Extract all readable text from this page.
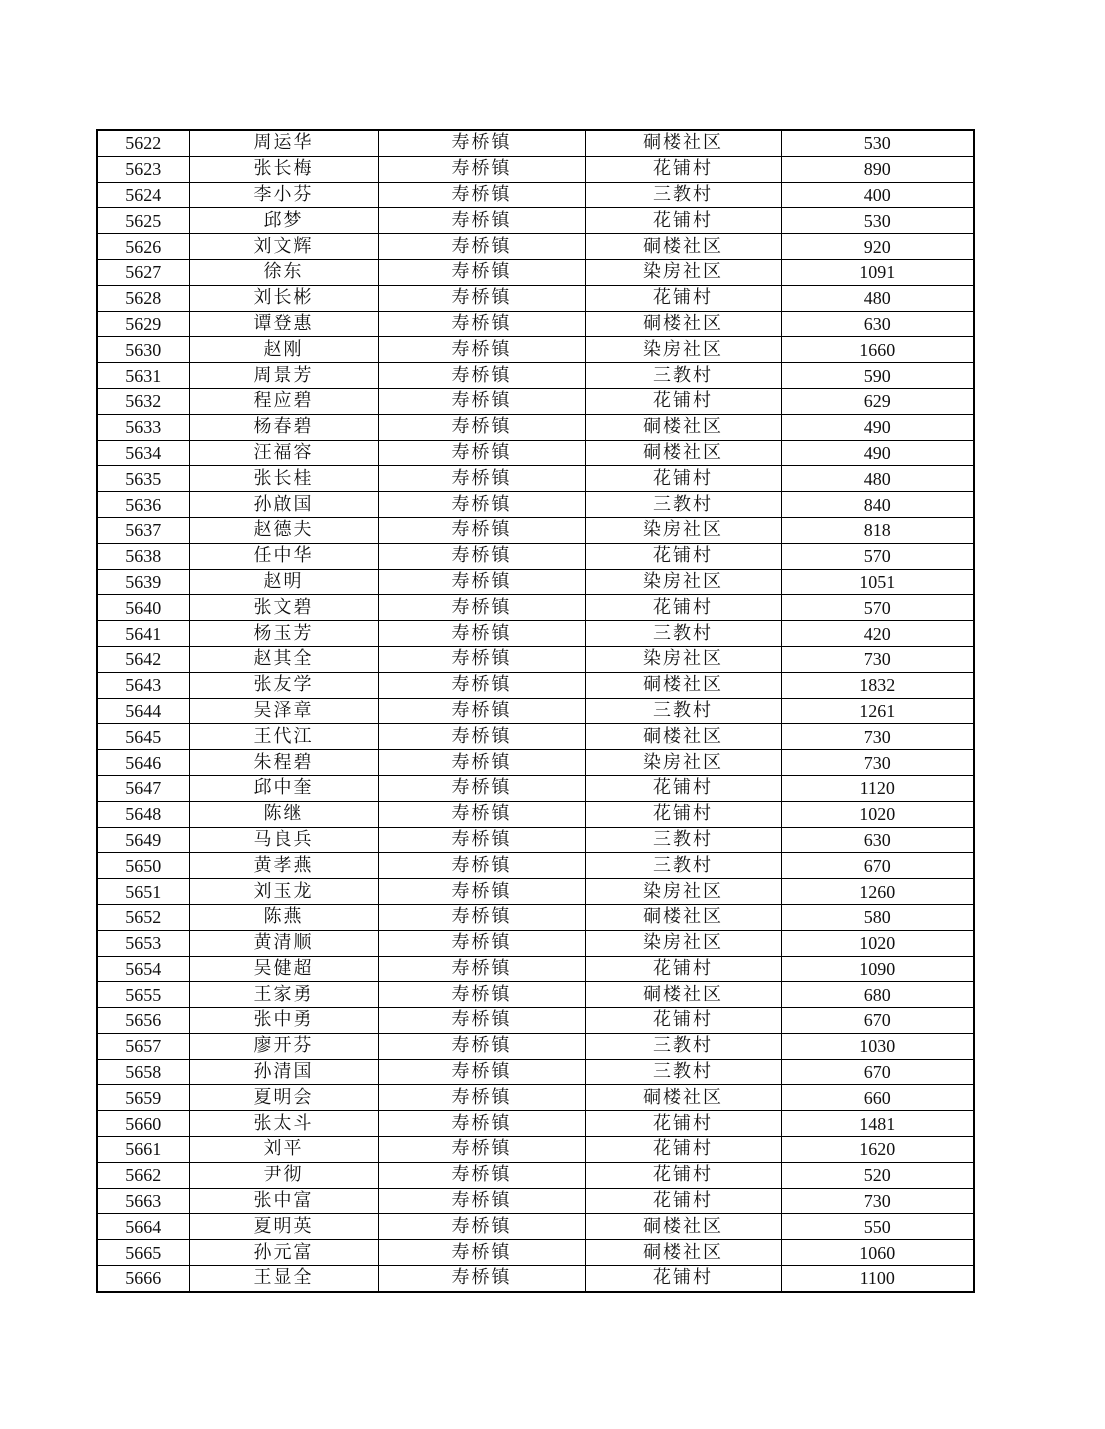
5622	周运华	寿桥镇	硐楼社区	530
5623	张长梅	寿桥镇	花铺村	890
5624	李小芬	寿桥镇	三教村	400
5625	邱梦	寿桥镇	花铺村	530
5626	刘文辉	寿桥镇	硐楼社区	920
5627	徐东	寿桥镇	染房社区	1091
5628	刘长彬	寿桥镇	花铺村	480
5629	谭登惠	寿桥镇	硐楼社区	630
5630	赵刚	寿桥镇	染房社区	1660
5631	周景芳	寿桥镇	三教村	590
5632	程应碧	寿桥镇	花铺村	629
5633	杨春碧	寿桥镇	硐楼社区	490
5634	汪福容	寿桥镇	硐楼社区	490
5635	张长桂	寿桥镇	花铺村	480
5636	孙啟国	寿桥镇	三教村	840
5637	赵德夫	寿桥镇	染房社区	818
5638	任中华	寿桥镇	花铺村	570
5639	赵明	寿桥镇	染房社区	1051
5640	张文碧	寿桥镇	花铺村	570
5641	杨玉芳	寿桥镇	三教村	420
5642	赵其全	寿桥镇	染房社区	730
5643	张友学	寿桥镇	硐楼社区	1832
5644	吴泽章	寿桥镇	三教村	1261
5645	王代江	寿桥镇	硐楼社区	730
5646	朱程碧	寿桥镇	染房社区	730
5647	邱中奎	寿桥镇	花铺村	1120
5648	陈继	寿桥镇	花铺村	1020
5649	马良兵	寿桥镇	三教村	630
5650	黄孝燕	寿桥镇	三教村	670
5651	刘玉龙	寿桥镇	染房社区	1260
5652	陈燕	寿桥镇	硐楼社区	580
5653	黄清顺	寿桥镇	染房社区	1020
5654	吴健超	寿桥镇	花铺村	1090
5655	王家勇	寿桥镇	硐楼社区	680
5656	张中勇	寿桥镇	花铺村	670
5657	廖开芬	寿桥镇	三教村	1030
5658	孙清国	寿桥镇	三教村	670
5659	夏明会	寿桥镇	硐楼社区	660
5660	张太斗	寿桥镇	花铺村	1481
5661	刘平	寿桥镇	花铺村	1620
5662	尹彻	寿桥镇	花铺村	520
5663	张中富	寿桥镇	花铺村	730
5664	夏明英	寿桥镇	硐楼社区	550
5665	孙元富	寿桥镇	硐楼社区	1060
5666	王显全	寿桥镇	花铺村	1100
